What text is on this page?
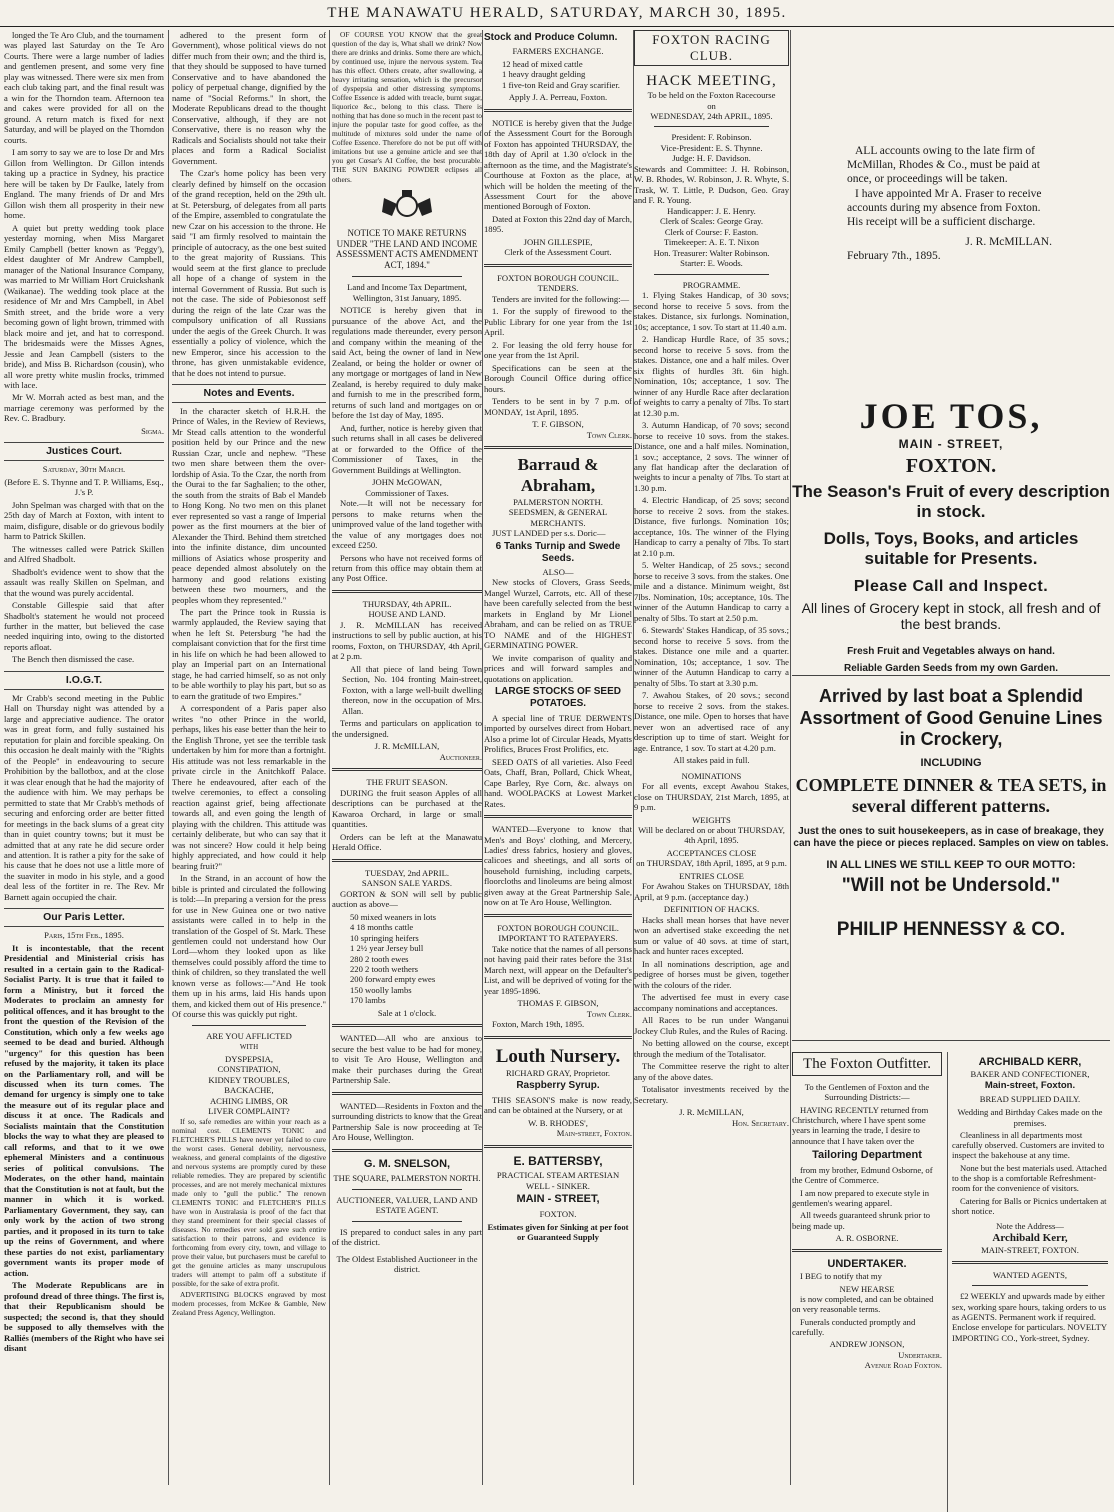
THE MANAWATU HERALD, SATURDAY, MARCH 30, 1895.

longed the Te Aro Club, and the tournament was played last Saturday on the Te Aro Courts. There were a large number of ladies and gentlemen present, and some very fine play was witnessed. There were six men from each club taking part, and the final result was a win for the Thorndon team. Afternoon tea and cakes were provided for all on the ground. A return match is fixed for next Saturday, and will be played on the Thorndon courts.

I am sorry to say we are to lose Dr and Mrs Gillon from Wellington. Dr Gillon intends taking up a practice in Sydney, his practice here will be taken by Dr Faulke, lately from England. The many friends of Dr and Mrs Gillon wish them all prosperity in their new home.

A quiet but pretty wedding took place yesterday morning, when Miss Margaret Emily Campbell (better known as 'Peggy'), eldest daughter of Mr Andrew Campbell, manager of the National Insurance Company, was married to Mr William Hort Cruickshank (Waikanae). The wedding took place at the residence of Mr and Mrs Campbell, in Abel Smith street, and the bride wore a very becoming gown of light brown, trimmed with black moire and jet, and hat to correspond. The bridesmaids were the Misses Agnes, Jessie and Jean Campbell (sisters to the bride), and Miss B. Richardson (cousin), who all wore pretty white muslin frocks, trimmed with lace.

Mr W. Morrah acted as best man, and the marriage ceremony was performed by the Rev. C. Bradbury.

Sigma.
Justices Court.
Saturday, 30th March.

(Before E. S. Thynne and T. P. Williams, Esq., J.'s P.

John Spelman was charged with that on the 25th day of March at Foxton, with intent to maim, disfigure, disable or do grievous bodily harm to Patrick Skillen.

The witnesses called were Patrick Skillen and Alfred Shadbolt.

Shadbolt's evidence went to show that the assault was really Skillen on Spelman, and that the wound was purely accidental.

Constable Gillespie said that after Shadbolt's statement he would not proceed further in the matter, but believed the case needed inquiring into, owing to the distorted reports afloat.

The Bench then dismissed the case.

I.O.G.T.

Mr Crabb's second meeting in the Public Hall on Thursday night was attended by a large and appreciative audience. The orator was in great form, and fully sustained his reputation for plain and forcible speaking. On this occasion he dealt mainly with the "Rights of the People" in endeavouring to secure Prohibition by the ballotbox, and at the close it was clear enough that he had the majority of the audience with him. We may perhaps be permitted to state that Mr Crabb's methods of securing and enforcing order are better fitted for meetings in the back slums of a great city than in quiet country towns; but it must be admitted that at any rate he did secure order and attention. It is rather a pity for the sake of his cause that he does not use a little more of the suaviter in modo in his style, and a good deal less of the fortiter in re. The Rev. Mr Barnett again occupied the chair.

Our Paris Letter.
Paris, 15th Feb., 1895.

It is incontestable, that the recent Presidential and Ministerial crisis has resulted in a certain gain to the Radical-Socialist Party. It is true that it failed to form a Ministry, but it forced the Moderates to proclaim an amnesty for political offences, and it has brought to the front the question of the Revision of the Constitution, which only a few weeks ago seemed to be dead and buried. Although "urgency" for this question has been refused by the majority, it taken its place on the Parliamentary roll, and will be discussed when its turn comes. The demand for urgency is simply one to take the measure out of its regular place and discuss it at once. The Radicals and Socialists maintain that the Constitution blocks the way to what they are pleased to call reforms, and that to it we owe ephemeral Ministers and a continuous series of political convulsions. The Moderates, on the other hand, maintain that the Constitution is not at fault, but the manner in which it is worked. Parliamentary Government, they say, can only work by the action of two strong parties, and it proposed in its turn to take up the reins of Government, and where these parties do not exist, parliamentary government wants its proper mode of action.

The Moderate Republicans are in profound dread of three things. The first is, that their Republicanism should be suspected; the second is, that they should be supposed to ally themselves with the Ralliés (members of the Right who have sei disant

adhered to the present form of Government), whose political views do not differ much from their own; and the third is, that they should be supposed to have turned Conservative and to have abandoned the policy of perpetual change, dignified by the name of "Social Reforms." In short, the Moderate Republicans dread to the thought Conservative, although, if they are not Conservative, there is no reason why the Radicals and Socialists should not take their places and form a Radical Socialist Government.

The Czar's home policy has been very clearly defined by himself on the occasion of the grand reception, held on the 29th ult. at St. Petersburg, of delegates from all parts of the Empire, assembled to congratulate the new Czar on his accession to the throne. He said "I am firmly resolved to maintain the principle of autocracy, as the one best suited to the great majority of Russians. This would seem at the first glance to preclude all hope of a change of system in the internal Government of Russia. But such is not the case. The side of Pobiesonost seff during the reign of the late Czar was the compulsory unification of all Russians under the aegis of the Greek Church. It was essentially a policy of violence, which the new Emperor, since his accession to the throne, has given unmistakable evidence, that he does not intend to pursue.

Notes and Events.

In the character sketch of H.R.H. the Prince of Wales, in the Review of Reviews, Mr Stead calls attention to the wonderful position held by our Prince and the new Russian Czar, uncle and nephew. "These two men share between them the over-lordship of Asia. To the Czar, the north from the Ourai to the far Saghalien; to the other, the south from the straits of Bab el Mandeb to Hong Kong. No two men on this planet ever represented so vast a range of Imperial power as the first mourners at the bier of Alexander the Third. Behind them stretched into the infinite distance, dim uncounted millions of Asiatics whose prosperity and peace depended almost absolutely on the harmony and good relations existing between these two mourners, and the peoples whom they represented."

The part the Prince took in Russia is warmly applauded, the Review saying that when he left St. Petersburg "he had the complaisant conviction that for the first time in his life on which he had been allowed to play an Imperial part on an International stage, he had carried himself, so as not only to be able worthily to play his part, but so as to earn the gratitude of two Empires."

A correspondent of a Paris paper also writes "no other Prince in the world, perhaps, likes his ease better than the heir to the English Throne, yet see the terrible task undertaken by him for more than a fortnight. His attitude was not less remarkable in the private circle in the Anitchkoff Palace. There he endeavoured, after each of the twelve ceremonies, to effect a consoling reaction against grief, being affectionate towards all, and even going the length of playing with the children. This attitude was certainly deliberate, but who can say that it was not sincere? How could it help being highly appreciated, and how could it help bearing fruit?"

In the Strand, in an account of how the bible is printed and circulated the following is told:—In preparing a version for the press for use in New Guinea one or two native assistants were called in to help in the translation of the Gospel of St. Mark. These gentlemen could not understand how Our Lord—whom they looked upon as like themselves could possibly afford the time to think of children, so they translated the well known verse as follows:—"And He took them up in his arms, laid His hands upon them, and kicked them out of His presence." Of course this was quickly put right.

ARE YOU AFFLICTED
WITH
DYSPEPSIA,
CONSTIPATION,
KIDNEY TROUBLES,
BACKACHE,
ACHING LIMBS, OR
LIVER COMPLAINT?

If so, safe remedies are within your reach as a nominal cost. CLEMENTS TONIC and FLETCHER'S PILLS have never yet failed to cure the worst cases. General debility, nervousness, weakness, and general complaints of the digestive and nervous systems are promptly cured by these reliable remedies. They are prepared by scientific processes, and are not merely mechanical mixtures made only to "gull the public." The renown CLEMENTS TONIC and FLETCHER'S PILLS have won in Australasia is proof of the fact that they stand preeminent for their special classes of diseases. No remedies ever sold gave such entire satisfaction to their patrons, and evidence is forthcoming from every city, town, and village to prove their value, but purchasers must be careful to get the genuine articles as many unscrupulous traders will attempt to palm off a substitute if possible, for the sake of extra profit.

ADVERTISING BLOCKS engraved by most modern processes, from McKee & Gamble, New Zealand Press Agency, Wellington.

OF COURSE YOU KNOW that the great question of the day is, What shall we drink? Now there are drinks and drinks. Some there are which, by continued use, injure the nervous system. Tea has this effect. Others create, after swallowing, a heavy irritating sensation, which is the precursor of dyspepsia and other distressing symptoms. Coffee Essence is added with treacle, burnt sugar, liquorice &c., belong to this class. There is nothing that has done so much in the recent past to injure the popular taste for good coffee, as the multitude of mixtures sold under the name of Coffee Essence. Therefore do not be put off with imitations but use a genuine article and see that you get Cœsar's AI Coffee, the best procurable. THE SUN BAKING POWDER eclipses all others.

NOTICE TO MAKE RETURNS UNDER "THE LAND AND INCOME ASSESSMENT ACTS AMENDMENT ACT, 1894."

Land and Income Tax Department, Wellington, 31st January, 1895.

NOTICE is hereby given that in pursuance of the above Act, and the regulations made thereunder, every person and company within the meaning of the said Act, being the owner of land in New Zealand, or being the holder or owner of any mortgage or mortgages of land in New Zealand, is hereby required to duly make and furnish to me in the prescribed form, returns of such land and mortgages on or before the 1st day of May, 1895.

And, further, notice is hereby given that such returns shall in all cases be delivered at or forwarded to the Office of the Commissioner of Taxes, in the Government Buildings at Wellington.

JOHN McGOWAN,
Commissioner of Taxes.

Note.—It will not be necessary for persons to make returns when the unimproved value of the land together with the value of any mortgages does not exceed £250.

Persons who have not received forms of return from this office may obtain them at any Post Office.

THURSDAY, 4th APRIL.
HOUSE AND LAND.

J. R. McMILLAN has received instructions to sell by public auction, at his rooms, Foxton, on THURSDAY, 4th April, at 2 p.m.

All that piece of land being Town Section, No. 104 fronting Main-street, Foxton, with a large well-built dwelling thereon, now in the occupation of Mrs. Allan.

Terms and particulars on application to the undersigned.

J. R. McMILLAN,
Auctioneer.
THE FRUIT SEASON.

DURING the fruit season Apples of all descriptions can be purchased at the Kawaroa Orchard, in large or small quantities.

Orders can be left at the Manawatu Herald Office.

TUESDAY, 2nd APRIL.
SANSON SALE YARDS.

GORTON & SON will sell by public auction as above—

50 mixed weaners in lots
4 18 months cattle
10 springing heifers
1 2½ year Jersey bull
280 2 tooth ewes
220 2 tooth wethers
200 forward empty ewes
150 woolly lambs
170 lambs
Sale at 1 o'clock.

WANTED—All who are anxious to secure the best value to be had for money, to visit Te Aro House, Wellington and make their purchases during the Great Partnership Sale.

WANTED—Residents in Foxton and the surrounding districts to know that the Great Partnership Sale is now proceeding at Te Aro House, Wellington.

G. M. SNELSON,
THE SQUARE, PALMERSTON NORTH.
AUCTIONEER, VALUER, LAND AND ESTATE AGENT.

IS prepared to conduct sales in any part of the district.

The Oldest Established Auctioneer in the district.
Stock and Produce Column.
FARMERS EXCHANGE.
12 head of mixed cattle
1 heavy draught gelding
1 five-ton Reid and Gray scarifier.
Apply J. A. Perreau, Foxton.

NOTICE is hereby given that the Judge of the Assessment Court for the Borough of Foxton has appointed THURSDAY, the 18th day of April at 1.30 o'clock in the afternoon as the time, and the Magistrate's Courthouse at Foxton as the place, at which will be holden the meeting of the Assessment Court for the above mentioned Borough of Foxton.

Dated at Foxton this 22nd day of March, 1895.

JOHN GILLESPIE,
Clerk of the Assessment Court.
FOXTON BOROUGH COUNCIL.
TENDERS.

Tenders are invited for the following:—

1. For the supply of firewood to the Public Library for one year from the 1st April.

2. For leasing the old ferry house for one year from the 1st April.

Specifications can be seen at the Borough Council Office during office hours.

Tenders to be sent in by 7 p.m. of MONDAY, 1st April, 1895.

T. F. GIBSON,
Town Clerk.
Barraud & Abraham,
PALMERSTON NORTH.
SEEDSMEN, & GENERAL MERCHANTS.

JUST LANDED per s.s. Doric—

6 Tanks Turnip and Swede Seeds.
ALSO—

New stocks of Clovers, Grass Seeds, Mangel Wurzel, Carrots, etc. All of these have been carefully selected from the best markets in England by Mr Lionel Abraham, and can be relied on as TRUE TO NAME and of the HIGHEST GERMINATING POWER.

We invite comparison of quality and prices and will forward samples and quotations on application.

LARGE STOCKS OF SEED POTATOES.

A special line of TRUE DERWENTS imported by ourselves direct from Hobart. Also a prime lot of Circular Heads, Myatts Prolifics, Bruces Frost Prolifics, etc.

SEED OATS of all varieties. Also Feed Oats, Chaff, Bran, Pollard, Chick Wheat, Cape Barley, Rye Corn, &c. always on hand. WOOLPACKS at Lowest Market Rates.

WANTED—Everyone to know that Men's and Boys' clothing, and Mercery, Ladies' dress fabrics, hosiery and gloves, calicoes and sheetings, and all sorts of household furnishing, including carpets, floorcloths and linoleums are being almost given away at the Great Partnership Sale, now on at Te Aro House, Wellington.

FOXTON BOROUGH COUNCIL.
IMPORTANT TO RATEPAYERS.

Take notice that the names of all persons not having paid their rates before the 31st March next, will appear on the Defaulter's List, and will be deprived of voting for the year 1895-1896.

THOMAS F. GIBSON,
Town Clerk.

Foxton, March 19th, 1895.

Louth Nursery.
RICHARD GRAY, Proprietor.
Raspberry Syrup.

THIS SEASON'S make is now ready, and can be obtained at the Nursery, or at

W. B. RHODES',
Main-street, Foxton.
E. BATTERSBY,
PRACTICAL STEAM ARTESIAN WELL - SINKER.
MAIN - STREET,
FOXTON.
Estimates given for Sinking at per foot or Guaranteed Supply
FOXTON RACING CLUB.
HACK MEETING,
To be held on the Foxton Racecourse
on
WEDNESDAY, 24th APRIL, 1895.
President: F. Robinson.
Vice-President: E. S. Thynne.
Judge: H. F. Davidson.
Stewards and Committee: J. H. Robinson, W. B. Rhodes, W. Robinson, J. R. Whyte, S. Trask, W. T. Little, P. Dudson, Geo. Gray and F. R. Young.
Handicapper: J. E. Henry.
Clerk of Scales: George Gray.
Clerk of Course: F. Easton.
Timekeeper: A. E. T. Nixon
Hon. Treasurer: Walter Robinson.
Starter: E. Woods.
PROGRAMME.

1. Flying Stakes Handicap, of 30 sovs; second horse to receive 5 sovs. from the stakes. Distance, six furlongs. Nomination, 10s; acceptance, 1 sov. To start at 11.40 a.m.

2. Handicap Hurdle Race, of 35 sovs.; second horse to receive 5 sovs. from the stakes. Distance, one and a half miles. Over six flights of hurdles 3ft. 6in high. Nomination, 10s; acceptance, 1 sov. The winner of any Hurdle Race after declaration of weights to carry a penalty of 7lbs. To start at 12.30 p.m.

3. Autumn Handicap, of 70 sovs; second horse to receive 10 sovs. from the stakes. Distance, one and a half miles. Nomination, 1 sov.; acceptance, 2 sovs. The winner of any flat handicap after the declaration of weights to incur a penalty of 7lbs. To start at 1.30 p.m.

4. Electric Handicap, of 25 sovs; second horse to receive 2 sovs. from the stakes. Distance, five furlongs. Nomination 10s; acceptance, 10s. The winner of the Flying Handicap to carry a penalty of 7lbs. To start at 2.10 p.m.

5. Welter Handicap, of 25 sovs.; second horse to receive 3 sovs. from the stakes. One mile and a distance. Minimum weight, 8st 7lbs. Nomination, 10s; acceptance, 10s. The winner of the Autumn Handicap to carry a penalty of 5lbs. To start at 2.50 p.m.

6. Stewards' Stakes Handicap, of 35 sovs.; second horse to receive 5 sovs. from the stakes. Distance one mile and a quarter. Nomination, 10s; acceptance, 1 sov. The winner of the Autumn Handicap to carry a penalty of 5lbs. To start at 3.30 p.m.

7. Awahou Stakes, of 20 sovs.; second horse to receive 2 sovs. from the stakes. Distance, one mile. Open to horses that have never won an advertised race of any description up to time of start. Weight for age. Entrance, 1 sov. To start at 4.20 p.m.

All stakes paid in full.
NOMINATIONS

For all events, except Awahou Stakes, close on THURSDAY, 21st March, 1895, at 9 p.m.

WEIGHTS

Will be declared on or about THURSDAY, 4th April, 1895.

ACCEPTANCES CLOSE

on THURSDAY, 18th April, 1895, at 9 p.m.

ENTRIES CLOSE

For Awahou Stakes on THURSDAY, 18th April, at 9 p.m. (acceptance day.)

DEFINITION OF HACKS.

Hacks shall mean horses that have never won an advertised stake exceeding the net sum or value of 40 sovs. at time of start, hack and hunter races excepted.

In all nominations description, age and pedigree of horses must be given, together with the colours of the rider.

The advertised fee must in every case accompany nominations and acceptances.

All Races to be run under Wanganui Jockey Club Rules, and the Rules of Racing.

No betting allowed on the course, except through the medium of the Totalisator.

The Committee reserve the right to alter any of the above dates.

Totalisator investments received by the Secretary.

J. R. McMILLAN,
Hon. Secretary.

ALL accounts owing to the late firm of McMillan, Rhodes & Co., must be paid at once, or proceedings will be taken.

I have appointed Mr A. Fraser to receive accounts during my absence from Foxton. His receipt will be a sufficient discharge.

J. R. McMILLAN.
February 7th., 1895.
JOE TOS,
MAIN - STREET,
FOXTON.
The Season's Fruit of every description in stock.
Dolls, Toys, Books, and articles suitable for Presents.
Please Call and Inspect.
All lines of Grocery kept in stock, all fresh and of the best brands.
Fresh Fruit and Vegetables always on hand.
Reliable Garden Seeds from my own Garden.
Arrived by last boat a Splendid Assortment of Good Genuine Lines in Crockery,
INCLUDING
COMPLETE DINNER & TEA SETS, in several different patterns.
Just the ones to suit housekeepers, as in case of breakage, they can have the piece or pieces replaced. Samples on view on tables.
IN ALL LINES WE STILL KEEP TO OUR MOTTO:
"Will not be Undersold."
PHILIP HENNESSY & CO.
The Foxton Outfitter.

To the Gentlemen of Foxton and the Surrounding Districts:—

HAVING RECENTLY returned from Christchurch, where I have spent some years in learning the trade, I desire to announce that I have taken over the

Tailoring Department

from my brother, Edmund Osborne, of the Centre of Commerce.

I am now prepared to execute style in gentlemen's wearing apparel.

All tweeds guaranteed shrunk prior to being made up.

A. R. OSBORNE.
UNDERTAKER.

I BEG to notify that my

NEW HEARSE

is now completed, and can be obtained on very reasonable terms.

Funerals conducted promptly and carefully.

ANDREW JONSON,
Undertaker.
Avenue Road Foxton.
ARCHIBALD KERR,
BAKER AND CONFECTIONER,
Main-street, Foxton.
BREAD SUPPLIED DAILY.

Wedding and Birthday Cakes made on the premises.

Cleanliness in all departments most carefully observed. Customers are invited to inspect the bakehouse at any time.

None but the best materials used. Attached to the shop is a comfortable Refreshment-room for the convenience of visitors.

Catering for Balls or Picnics undertaken at short notice.

Note the Address—
Archibald Kerr,
MAIN-STREET, FOXTON.
WANTED AGENTS,

£2 WEEKLY and upwards made by either sex, working spare hours, taking orders to us as AGENTS. Permanent work if required. Enclose envelope for particulars. NOVELTY IMPORTING CO., York-street, Sydney.
